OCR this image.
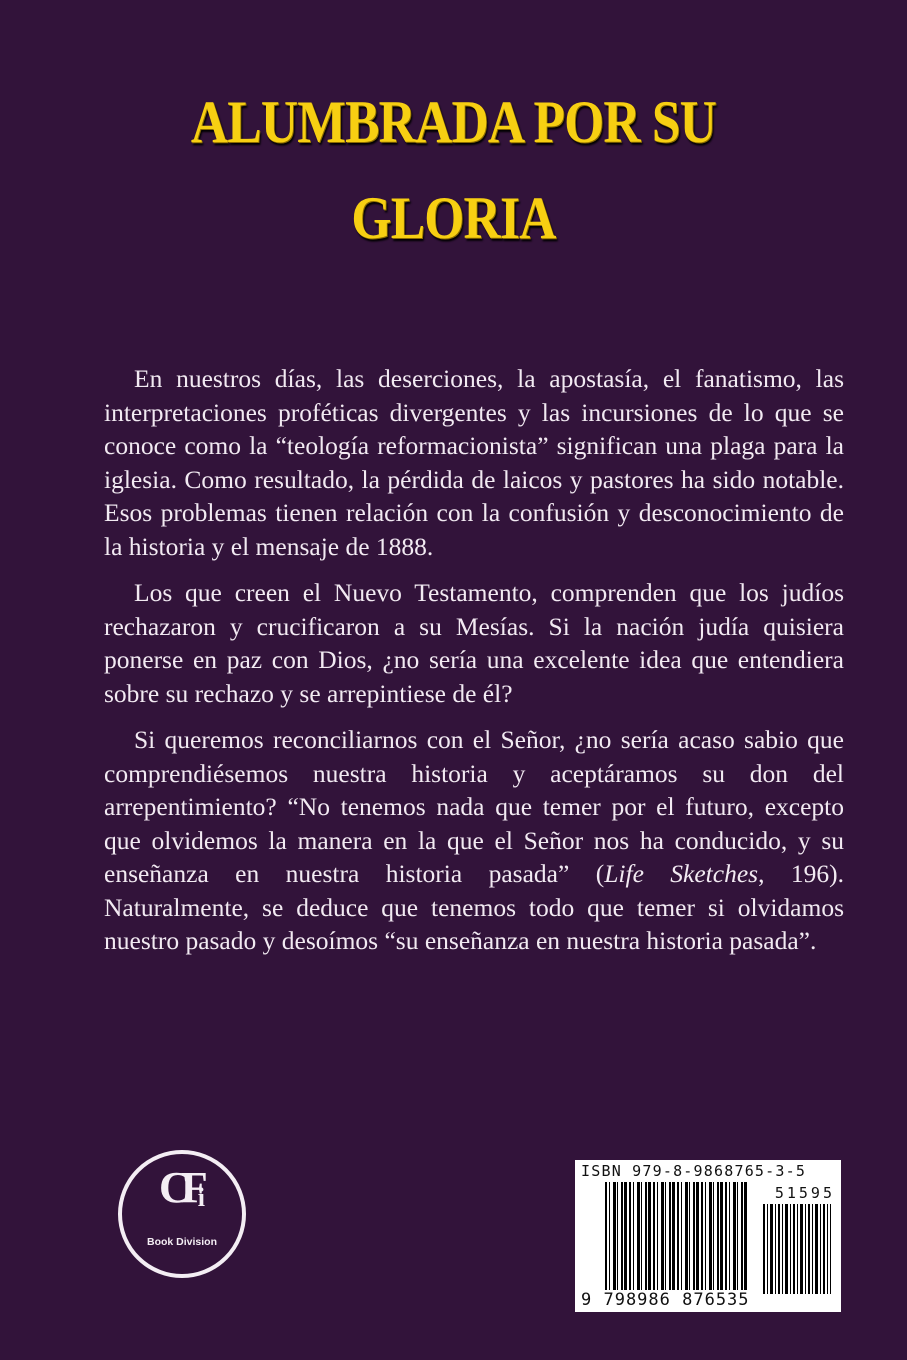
ALUMBRADA POR SU
GLORIA

En nuestros días, las deserciones, la apostasía, el fanatismo, las interpretaciones proféticas divergentes y las incursiones de lo que se conoce como la “teología reformacionista” significan una plaga para la iglesia. Como resultado, la pérdida de laicos y pastores ha sido notable. Esos problemas tienen relación con la confusión y desconocimiento de la historia y el mensaje de 1888.

Los que creen el Nuevo Testamento, comprenden que los judíos rechazaron y crucificaron a su Mesías. Si la nación judía quisiera ponerse en paz con Dios, ¿no sería una excelente idea que entendiera sobre su rechazo y se arrepintiese de él?

Si queremos reconciliarnos con el Señor, ¿no sería acaso sabio que comprendiésemos nuestra historia y aceptáramos su don del arrepentimiento? “No tenemos nada que temer por el futuro, excepto que olvidemos la manera en la que el Señor nos ha conducido, y su enseñanza en nuestra historia pasada” (Life Sketches, 196). Naturalmente, se deduce que tenemos todo que temer si olvidamos nuestro pasado y desoímos “su enseñanza en nuestra historia pasada”.

CFi
Book Division
ISBN 979-8-9868765-3-5
51595
9 798986 876535
